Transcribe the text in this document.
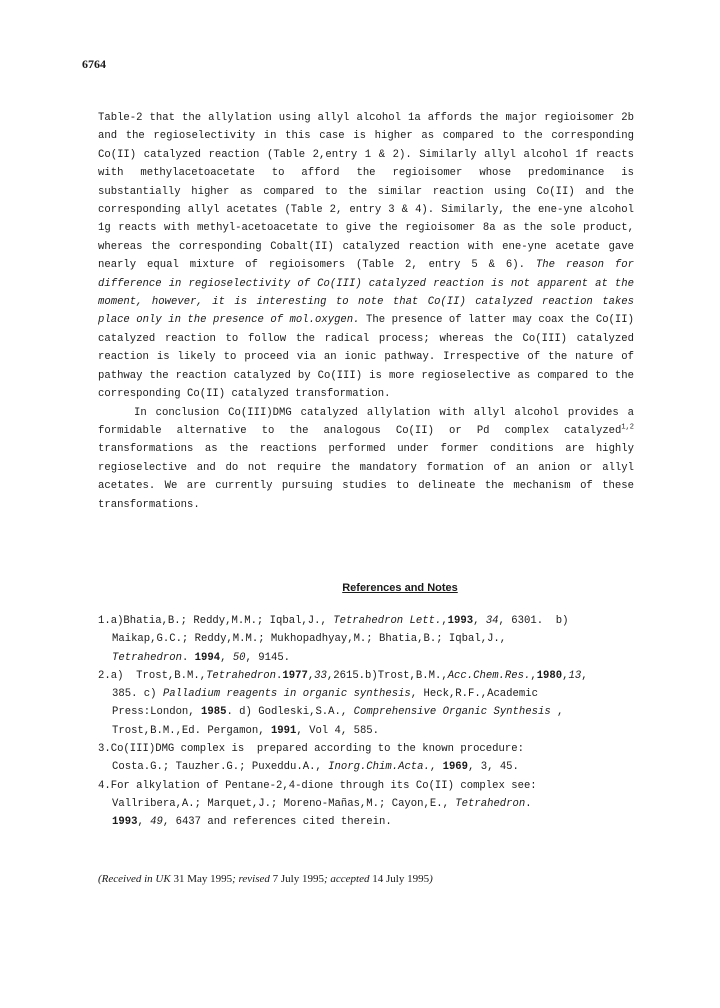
6764

Table-2 that the allylation using allyl alcohol 1a affords the major regioisomer 2b and the regioselectivity in this case is higher as compared to the corresponding Co(II) catalyzed reaction (Table 2,entry 1 & 2). Similarly allyl alcohol 1f reacts with methylacetoacetate to afford the regioisomer whose predominance is substantially higher as compared to the similar reaction using Co(II) and the corresponding allyl acetates (Table 2, entry 3 & 4). Similarly, the ene-yne alcohol 1g reacts with methyl-acetoacetate to give the regioisomer 8a as the sole product, whereas the corresponding Cobalt(II) catalyzed reaction with ene-yne acetate gave nearly equal mixture of regioisomers (Table 2, entry 5 & 6). The reason for difference in regioselectivity of Co(III) catalyzed reaction is not apparent at the moment, however, it is interesting to note that Co(II) catalyzed reaction takes place only in the presence of mol.oxygen. The presence of latter may coax the Co(II) catalyzed reaction to follow the radical process; whereas the Co(III) catalyzed reaction is likely to proceed via an ionic pathway. Irrespective of the nature of pathway the reaction catalyzed by Co(III) is more regioselective as compared to the corresponding Co(II) catalyzed transformation.

In conclusion Co(III)DMG catalyzed allylation with allyl alcohol provides a formidable alternative to the analogous Co(II) or Pd complex catalyzed$^{1,2}$ transformations as the reactions performed under former conditions are highly regioselective and do not require the mandatory formation of an anion or allyl acetates. We are currently pursuing studies to delineate the mechanism of these transformations.

References and Notes
1.a)Bhatia,B.; Reddy,M.M.; Iqbal,J., Tetrahedron Lett.,1993, 34, 6301.  b)
Maikap,G.C.; Reddy,M.M.; Mukhopadhyay,M.; Bhatia,B.; Iqbal,J.,
Tetrahedron. 1994, 50, 9145.
2.a)  Trost,B.M.,Tetrahedron.1977,33,2615.b)Trost,B.M.,Acc.Chem.Res.,1980,13,
385. c) Palladium reagents in organic synthesis, Heck,R.F.,Academic
Press:London, 1985. d) Godleski,S.A., Comprehensive Organic Synthesis ,
Trost,B.M.,Ed. Pergamon, 1991, Vol 4, 585.
3.Co(III)DMG complex is  prepared according to the known procedure:
Costa.G.; Tauzher.G.; Puxeddu.A., Inorg.Chim.Acta., 1969, 3, 45.
4.For alkylation of Pentane-2,4-dione through its Co(II) complex see:
Vallribera,A.; Marquet,J.; Moreno-Mañas,M.; Cayon,E., Tetrahedron.
1993, 49, 6437 and references cited therein.
(Received in UK 31 May 1995; revised 7 July 1995; accepted 14 July 1995)
